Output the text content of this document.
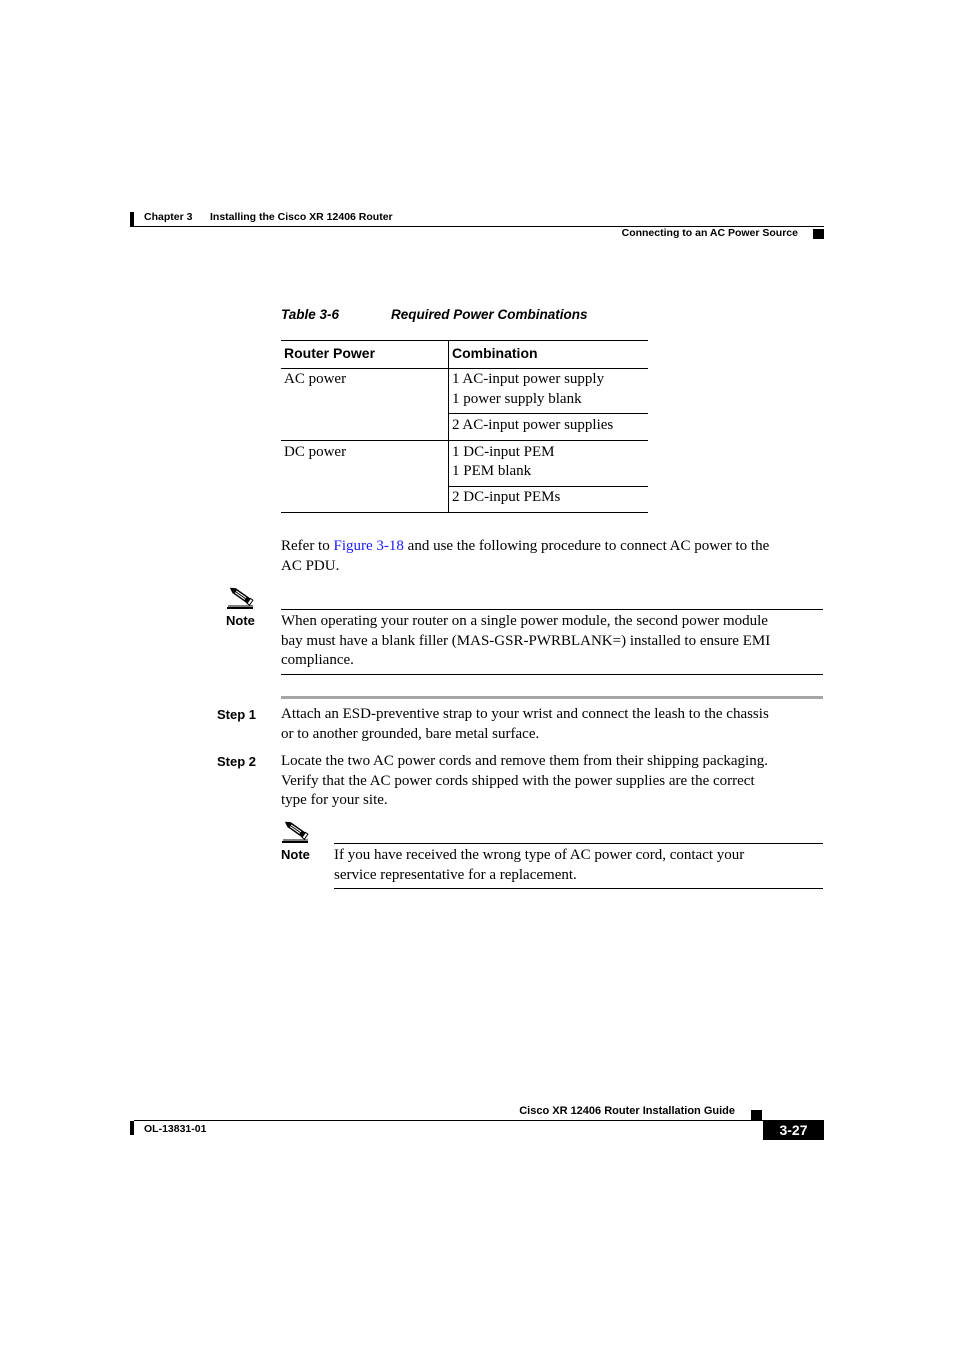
Chapter 3 Installing the Cisco XR 12406 Router
Connecting to an AC Power Source
Table 3-6	Required Power Combinations
Router Power	Combination
AC power	1 AC-input power supply
1 power supply blank
2 AC-input power supplies
DC power	1 DC-input PEM
1 PEM blank
2 DC-input PEMs
Refer to Figure 3-18 and use the following procedure to connect AC power to the
AC PDU.
Note When operating your router on a single power module, the second power module
bay must have a blank filler (MAS-GSR-PWRBLANK=) installed to ensure EMI
compliance.
Step 1 Attach an ESD-preventive strap to your wrist and connect the leash to the chassis
or to another grounded, bare metal surface.
Step 2 Locate the two AC power cords and remove them from their shipping packaging.
Verify that the AC power cords shipped with the power supplies are the correct
type for your site.
Note If you have received the wrong type of AC power cord, contact your
service representative for a replacement.
Cisco XR 12406 Router Installation Guide
OL-13831-01	3-27
